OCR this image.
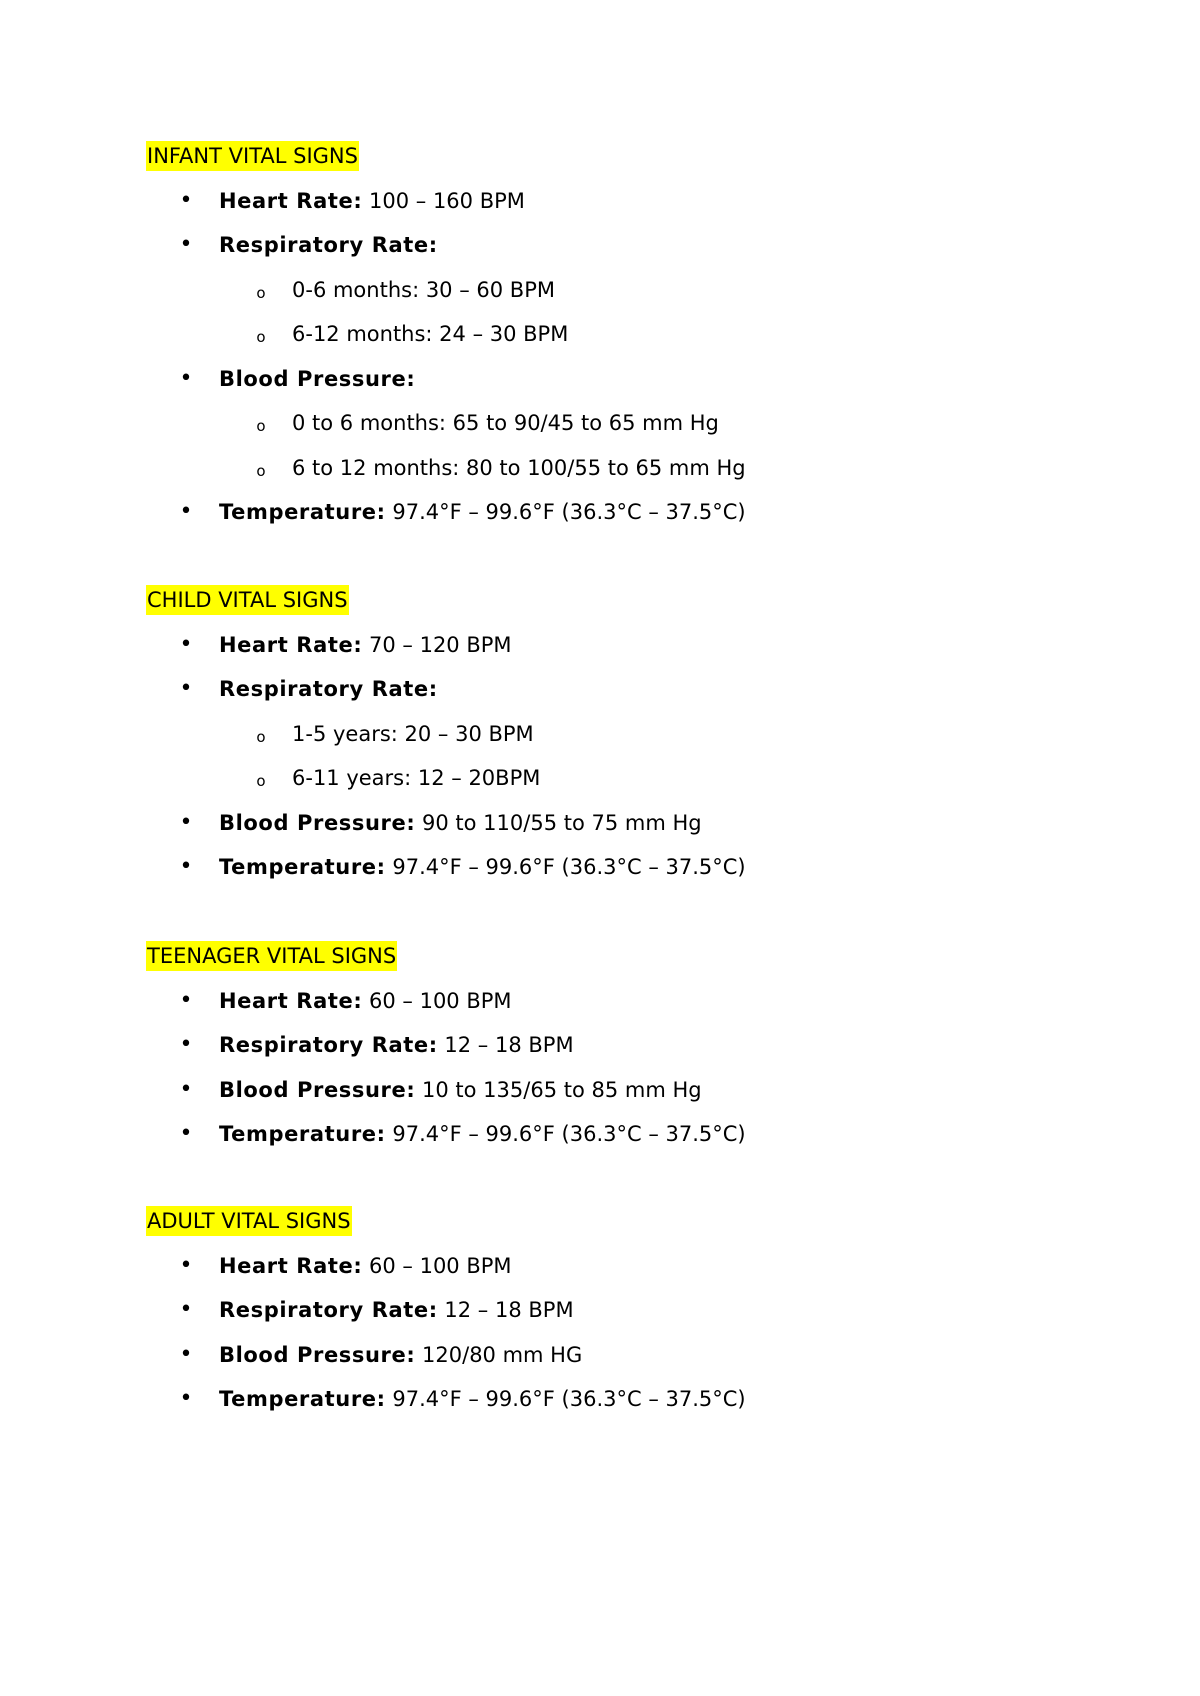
INFANT VITAL SIGNS
• Heart Rate: 100 – 160 BPM
• Respiratory Rate:
o 0-6 months: 30 – 60 BPM
o 6-12 months: 24 – 30 BPM
• Blood Pressure:
o 0 to 6 months: 65 to 90/45 to 65 mm Hg
o 6 to 12 months: 80 to 100/55 to 65 mm Hg
• Temperature: 97.4°F – 99.6°F (36.3°C – 37.5°C)
CHILD VITAL SIGNS
• Heart Rate: 70 – 120 BPM
• Respiratory Rate:
o 1-5 years: 20 – 30 BPM
o 6-11 years: 12 – 20BPM
• Blood Pressure: 90 to 110/55 to 75 mm Hg
• Temperature: 97.4°F – 99.6°F (36.3°C – 37.5°C)
TEENAGER VITAL SIGNS
• Heart Rate: 60 – 100 BPM
• Respiratory Rate: 12 – 18 BPM
• Blood Pressure: 10 to 135/65 to 85 mm Hg
• Temperature: 97.4°F – 99.6°F (36.3°C – 37.5°C)
ADULT VITAL SIGNS
• Heart Rate: 60 – 100 BPM
• Respiratory Rate: 12 – 18 BPM
• Blood Pressure: 120/80 mm HG
• Temperature: 97.4°F – 99.6°F (36.3°C – 37.5°C)
